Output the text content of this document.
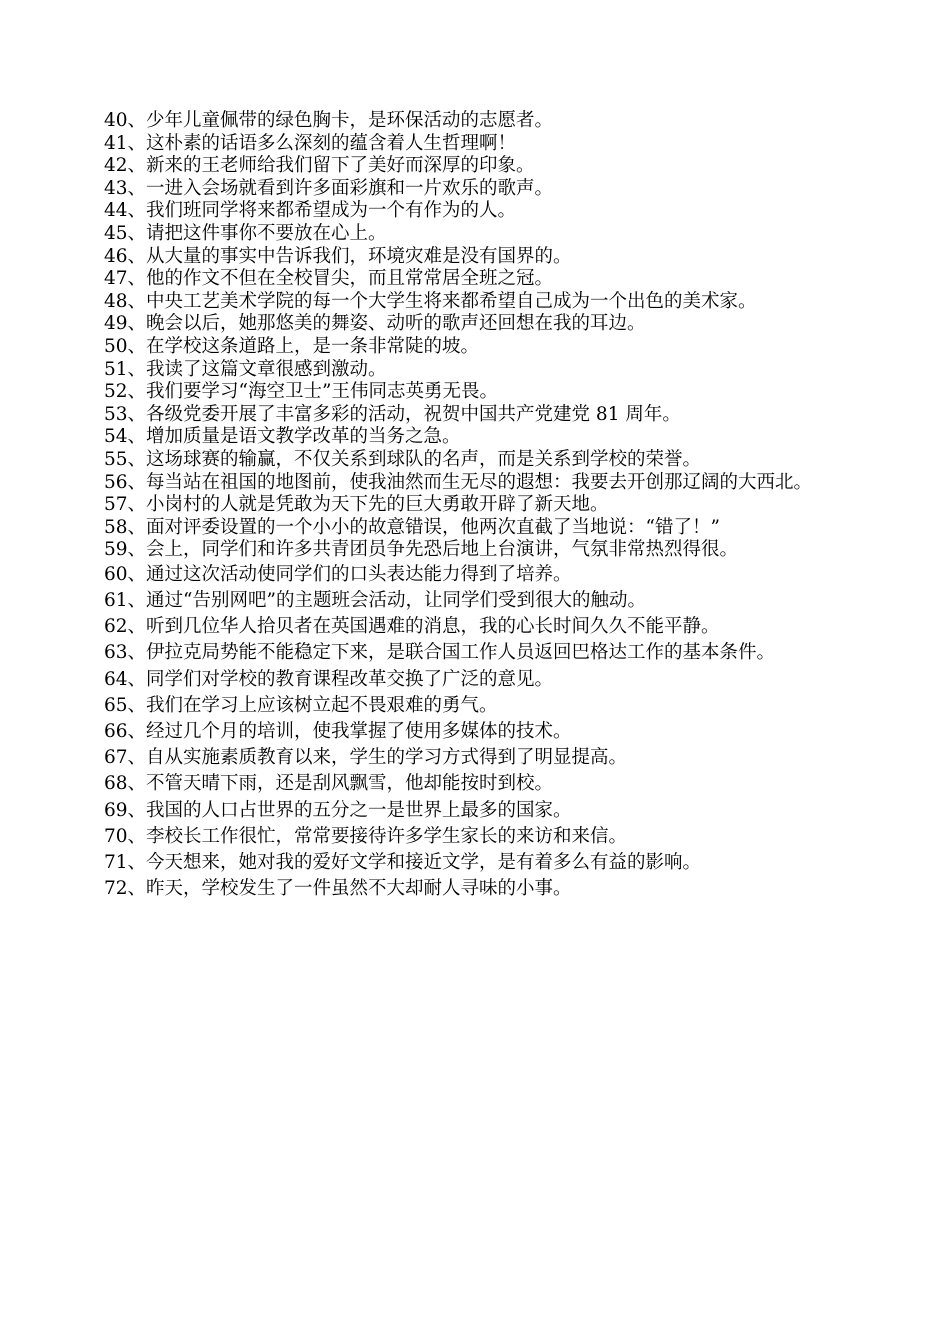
40、少年儿童佩带的绿色胸卡，是环保活动的志愿者。

41、这朴素的话语多么深刻的蕴含着人生哲理啊！

42、新来的王老师给我们留下了美好而深厚的印象。

43、一进入会场就看到许多面彩旗和一片欢乐的歌声。

44、我们班同学将来都希望成为一个有作为的人。

45、请把这件事你不要放在心上。

46、从大量的事实中告诉我们，环境灾难是没有国界的。

47、他的作文不但在全校冒尖，而且常常居全班之冠。

48、中央工艺美术学院的每一个大学生将来都希望自己成为一个出色的美术家。

49、晚会以后，她那悠美的舞姿、动听的歌声还回想在我的耳边。

50、在学校这条道路上，是一条非常陡的坡。

51、我读了这篇文章很感到激动。

52、我们要学习“海空卫士”王伟同志英勇无畏。

53、各级党委开展了丰富多彩的活动，祝贺中国共产党建党 81 周年。

54、增加质量是语文教学改革的当务之急。

55、这场球赛的输赢，不仅关系到球队的名声，而是关系到学校的荣誉。

56、每当站在祖国的地图前，使我油然而生无尽的遐想：我要去开创那辽阔的大西北。

57、小岗村的人就是凭敢为天下先的巨大勇敢开辟了新天地。

58、面对评委设置的一个小小的故意错误，他两次直截了当地说：“错了！”

59、会上，同学们和许多共青团员争先恐后地上台演讲，气氛非常热烈得很。

60、通过这次活动使同学们的口头表达能力得到了培养。

61、通过“告别网吧”的主题班会活动，让同学们受到很大的触动。

62、听到几位华人拾贝者在英国遇难的消息，我的心长时间久久不能平静。

63、伊拉克局势能不能稳定下来，是联合国工作人员返回巴格达工作的基本条件。

64、同学们对学校的教育课程改革交换了广泛的意见。

65、我们在学习上应该树立起不畏艰难的勇气。

66、经过几个月的培训，使我掌握了使用多媒体的技术。

67、自从实施素质教育以来，学生的学习方式得到了明显提高。

68、不管天晴下雨，还是刮风飘雪，他却能按时到校。

69、我国的人口占世界的五分之一是世界上最多的国家。

70、李校长工作很忙，常常要接待许多学生家长的来访和来信。

71、今天想来，她对我的爱好文学和接近文学，是有着多么有益的影响。

72、昨天，学校发生了一件虽然不大却耐人寻味的小事。
